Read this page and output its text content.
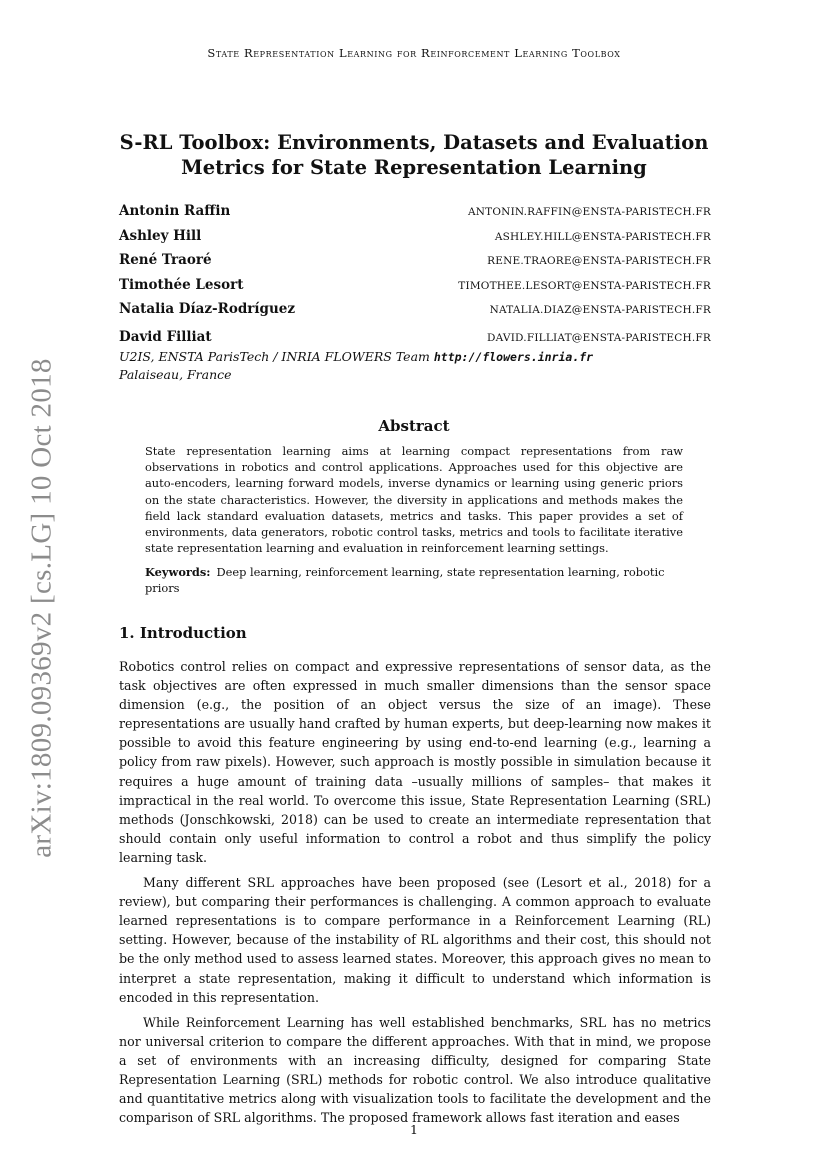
State Representation Learning for Reinforcement Learning Toolbox
arXiv:1809.09369v2 [cs.LG] 10 Oct 2018
S-RL Toolbox: Environments, Datasets and Evaluation
Metrics for State Representation Learning
Antonin Raffin	ANTONIN.RAFFIN@ENSTA-PARISTECH.FR
Ashley Hill	ASHLEY.HILL@ENSTA-PARISTECH.FR
René Traoré	RENE.TRAORE@ENSTA-PARISTECH.FR
Timothée Lesort	TIMOTHEE.LESORT@ENSTA-PARISTECH.FR
Natalia Díaz-Rodríguez	NATALIA.DIAZ@ENSTA-PARISTECH.FR
David Filliat	DAVID.FILLIAT@ENSTA-PARISTECH.FR
U2IS, ENSTA ParisTech / INRIA FLOWERS Team http://flowers.inria.fr
Palaiseau, France
Abstract
State representation learning aims at learning compact representations from raw observations in robotics and control applications. Approaches used for this objective are auto-encoders, learning forward models, inverse dynamics or learning using generic priors on the state characteristics. However, the diversity in applications and methods makes the field lack standard evaluation datasets, metrics and tasks. This paper provides a set of environments, data generators, robotic control tasks, metrics and tools to facilitate iterative state representation learning and evaluation in reinforcement learning settings.
Keywords: Deep learning, reinforcement learning, state representation learning, robotic priors
1. Introduction

Robotics control relies on compact and expressive representations of sensor data, as the task objectives are often expressed in much smaller dimensions than the sensor space dimension (e.g., the position of an object versus the size of an image). These representations are usually hand crafted by human experts, but deep-learning now makes it possible to avoid this feature engineering by using end-to-end learning (e.g., learning a policy from raw pixels). However, such approach is mostly possible in simulation because it requires a huge amount of training data –usually millions of samples– that makes it impractical in the real world. To overcome this issue, State Representation Learning (SRL) methods (Jonschkowski, 2018) can be used to create an intermediate representation that should contain only useful information to control a robot and thus simplify the policy learning task.

Many different SRL approaches have been proposed (see (Lesort et al., 2018) for a review), but comparing their performances is challenging. A common approach to evaluate learned representations is to compare performance in a Reinforcement Learning (RL) setting. However, because of the instability of RL algorithms and their cost, this should not be the only method used to assess learned states. Moreover, this approach gives no mean to interpret a state representation, making it difficult to understand which information is encoded in this representation.

While Reinforcement Learning has well established benchmarks, SRL has no metrics nor universal criterion to compare the different approaches. With that in mind, we propose a set of environments with an increasing difficulty, designed for comparing State Representation Learning (SRL) methods for robotic control. We also introduce qualitative and quantitative metrics along with visualization tools to facilitate the development and the comparison of SRL algorithms. The proposed framework allows fast iteration and eases

1
